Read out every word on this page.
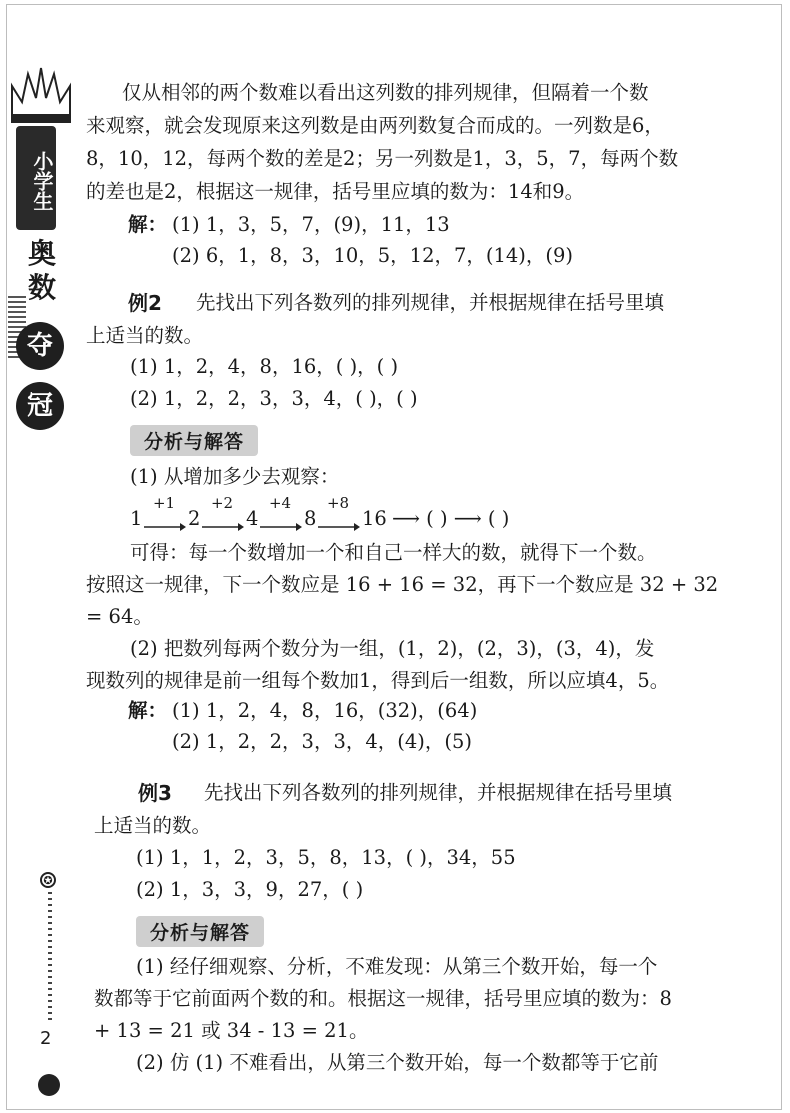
小学生
奥
数
夺
冠
✪
2
仅从相邻的两个数难以看出这列数的排列规律，但隔着一个数
来观察，就会发现原来这列数是由两列数复合而成的。一列数是6，
8，10，12，每两个数的差是2；另一列数是1，3，5，7，每两个数
的差也是2，根据这一规律，括号里应填的数为：14和9。
解： (1) 1，3，5，7，(9)，11，13
(2) 6，1，8，3，10，5，12，7，(14)，(9)
例2 先找出下列各数列的排列规律，并根据规律在括号里填
上适当的数。
(1) 1，2，4，8，16，( )，( )
(2) 1，2，2，3，3，4，( )，( )
分析与解答
(1) 从增加多少去观察：
1
+1
2
+2
4
+4
8
+8
16 ⟶ ( ) ⟶ ( )
可得：每一个数增加一个和自己一样大的数，就得下一个数。
按照这一规律，下一个数应是 16 + 16 = 32，再下一个数应是 32 + 32
= 64。
(2) 把数列每两个数分为一组，(1，2)，(2，3)，(3，4)，发
现数列的规律是前一组每个数加1，得到后一组数，所以应填4，5。
解： (1) 1，2，4，8，16，(32)，(64)
(2) 1，2，2，3，3，4，(4)，(5)
例3 先找出下列各数列的排列规律，并根据规律在括号里填
上适当的数。
(1) 1，1，2，3，5，8，13，( )，34，55
(2) 1，3，3，9，27，( )
分析与解答
(1) 经仔细观察、分析，不难发现：从第三个数开始，每一个
数都等于它前面两个数的和。根据这一规律，括号里应填的数为：8
+ 13 = 21 或 34 - 13 = 21。
(2) 仿 (1) 不难看出，从第三个数开始，每一个数都等于它前
